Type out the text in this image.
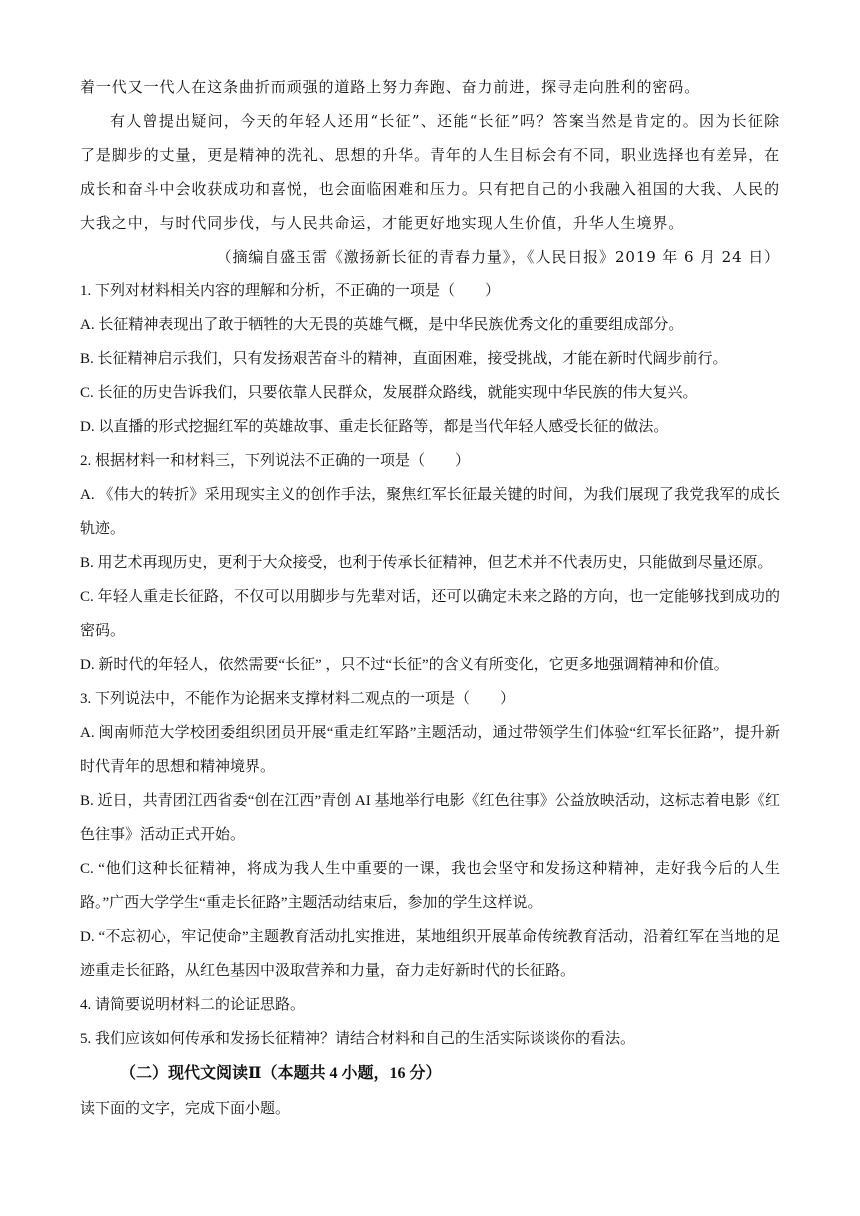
着一代又一代人在这条曲折而顽强的道路上努力奔跑、奋力前进，探寻走向胜利的密码。

有人曾提出疑问，今天的年轻人还用“长征”、还能“长征”吗？答案当然是肯定的。因为长征除了是脚步的丈量，更是精神的洗礼、思想的升华。青年的人生目标会有不同，职业选择也有差异，在成长和奋斗中会收获成功和喜悦，也会面临困难和压力。只有把自己的小我融入祖国的大我、人民的大我之中，与时代同步伐，与人民共命运，才能更好地实现人生价值，升华人生境界。

（摘编自盛玉雷《激扬新长征的青春力量》，《人民日报》2019 年 6 月 24 日）

1. 下列对材料相关内容的理解和分析，不正确的一项是（　　）

A. 长征精神表现出了敢于牺牲的大无畏的英雄气概，是中华民族优秀文化的重要组成部分。

B. 长征精神启示我们，只有发扬艰苦奋斗的精神，直面困难，接受挑战，才能在新时代阔步前行。

C. 长征的历史告诉我们，只要依靠人民群众，发展群众路线，就能实现中华民族的伟大复兴。

D. 以直播的形式挖掘红军的英雄故事、重走长征路等，都是当代年轻人感受长征的做法。

2. 根据材料一和材料三，下列说法不正确的一项是（　　）

A. 《伟大的转折》采用现实主义的创作手法，聚焦红军长征最关键的时间，为我们展现了我党我军的成长轨迹。

B. 用艺术再现历史，更利于大众接受，也利于传承长征精神，但艺术并不代表历史，只能做到尽量还原。

C. 年轻人重走长征路，不仅可以用脚步与先辈对话，还可以确定未来之路的方向，也一定能够找到成功的密码。

D. 新时代的年轻人，依然需要“长征” ，只不过“长征”的含义有所变化，它更多地强调精神和价值。

3. 下列说法中，不能作为论据来支撑材料二观点的一项是（　　）

A. 闽南师范大学校团委组织团员开展“重走红军路”主题活动，通过带领学生们体验“红军长征路”，提升新时代青年的思想和精神境界。

B. 近日，共青团江西省委“创在江西”青创 AI 基地举行电影《红色往事》公益放映活动，这标志着电影《红色往事》活动正式开始。

C. “他们这种长征精神，将成为我人生中重要的一课，我也会坚守和发扬这种精神，走好我今后的人生路。”广西大学学生“重走长征路”主题活动结束后，参加的学生这样说。

D. “不忘初心，牢记使命”主题教育活动扎实推进，某地组织开展革命传统教育活动，沿着红军在当地的足迹重走长征路，从红色基因中汲取营养和力量，奋力走好新时代的长征路。

4. 请简要说明材料二的论证思路。

5. 我们应该如何传承和发扬长征精神？请结合材料和自己的生活实际谈谈你的看法。

（二）现代文阅读Ⅱ（本题共 4 小题，16 分）

读下面的文字，完成下面小题。
